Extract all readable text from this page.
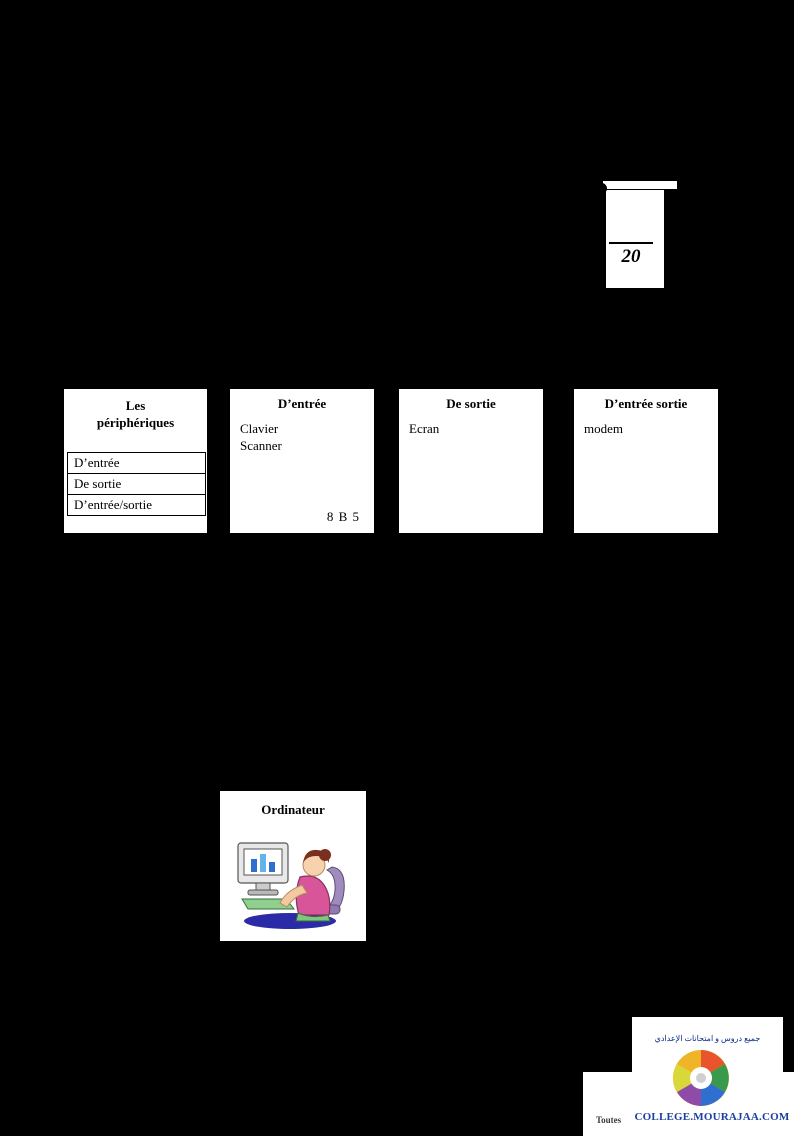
20
Les
périphériques
D’entrée
De sortie
D’entrée/sortie
D’entrée
Clavier
Scanner
8 B 5
De sortie
Ecran
D’entrée sortie
modem
Ordinateur
Toutes
جميع دروس و امتحانات الإعدادي
COLLEGE.MOURAJAA.COM
